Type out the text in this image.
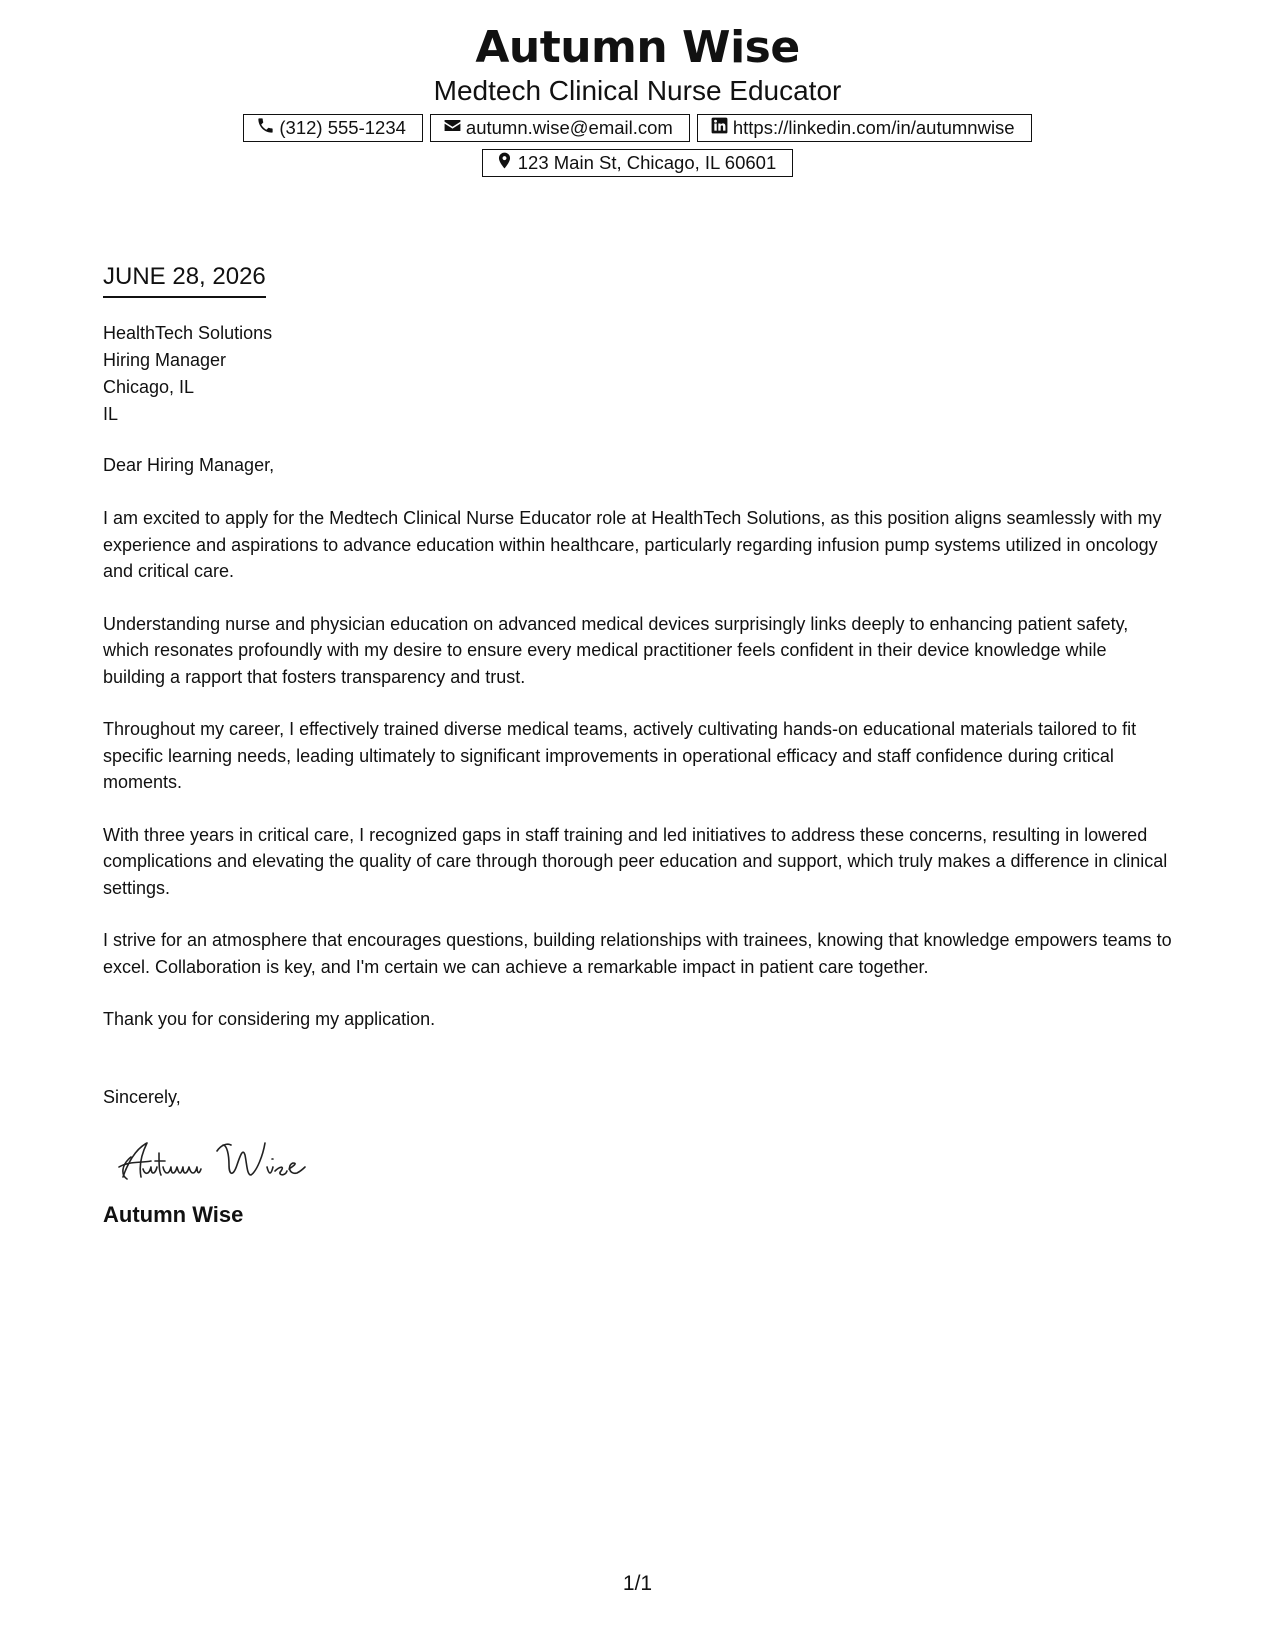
Autumn Wise
Medtech Clinical Nurse Educator
(312) 555-1234	autumn.wise@email.com	https://linkedin.com/in/autumnwise
123 Main St, Chicago, IL 60601
JUNE 28, 2026
HealthTech Solutions
Hiring Manager
Chicago, IL
IL
Dear Hiring Manager,
I am excited to apply for the Medtech Clinical Nurse Educator role at HealthTech Solutions, as this position aligns seamlessly with my experience and aspirations to advance education within healthcare, particularly regarding infusion pump systems utilized in oncology and critical care.
Understanding nurse and physician education on advanced medical devices surprisingly links deeply to enhancing patient safety, which resonates profoundly with my desire to ensure every medical practitioner feels confident in their device knowledge while building a rapport that fosters transparency and trust.
Throughout my career, I effectively trained diverse medical teams, actively cultivating hands-on educational materials tailored to fit specific learning needs, leading ultimately to significant improvements in operational efficacy and staff confidence during critical moments.
With three years in critical care, I recognized gaps in staff training and led initiatives to address these concerns, resulting in lowered complications and elevating the quality of care through thorough peer education and support, which truly makes a difference in clinical settings.
I strive for an atmosphere that encourages questions, building relationships with trainees, knowing that knowledge empowers teams to excel. Collaboration is key, and I'm certain we can achieve a remarkable impact in patient care together.
Thank you for considering my application.
Sincerely,
Autumn Wise
1/1
